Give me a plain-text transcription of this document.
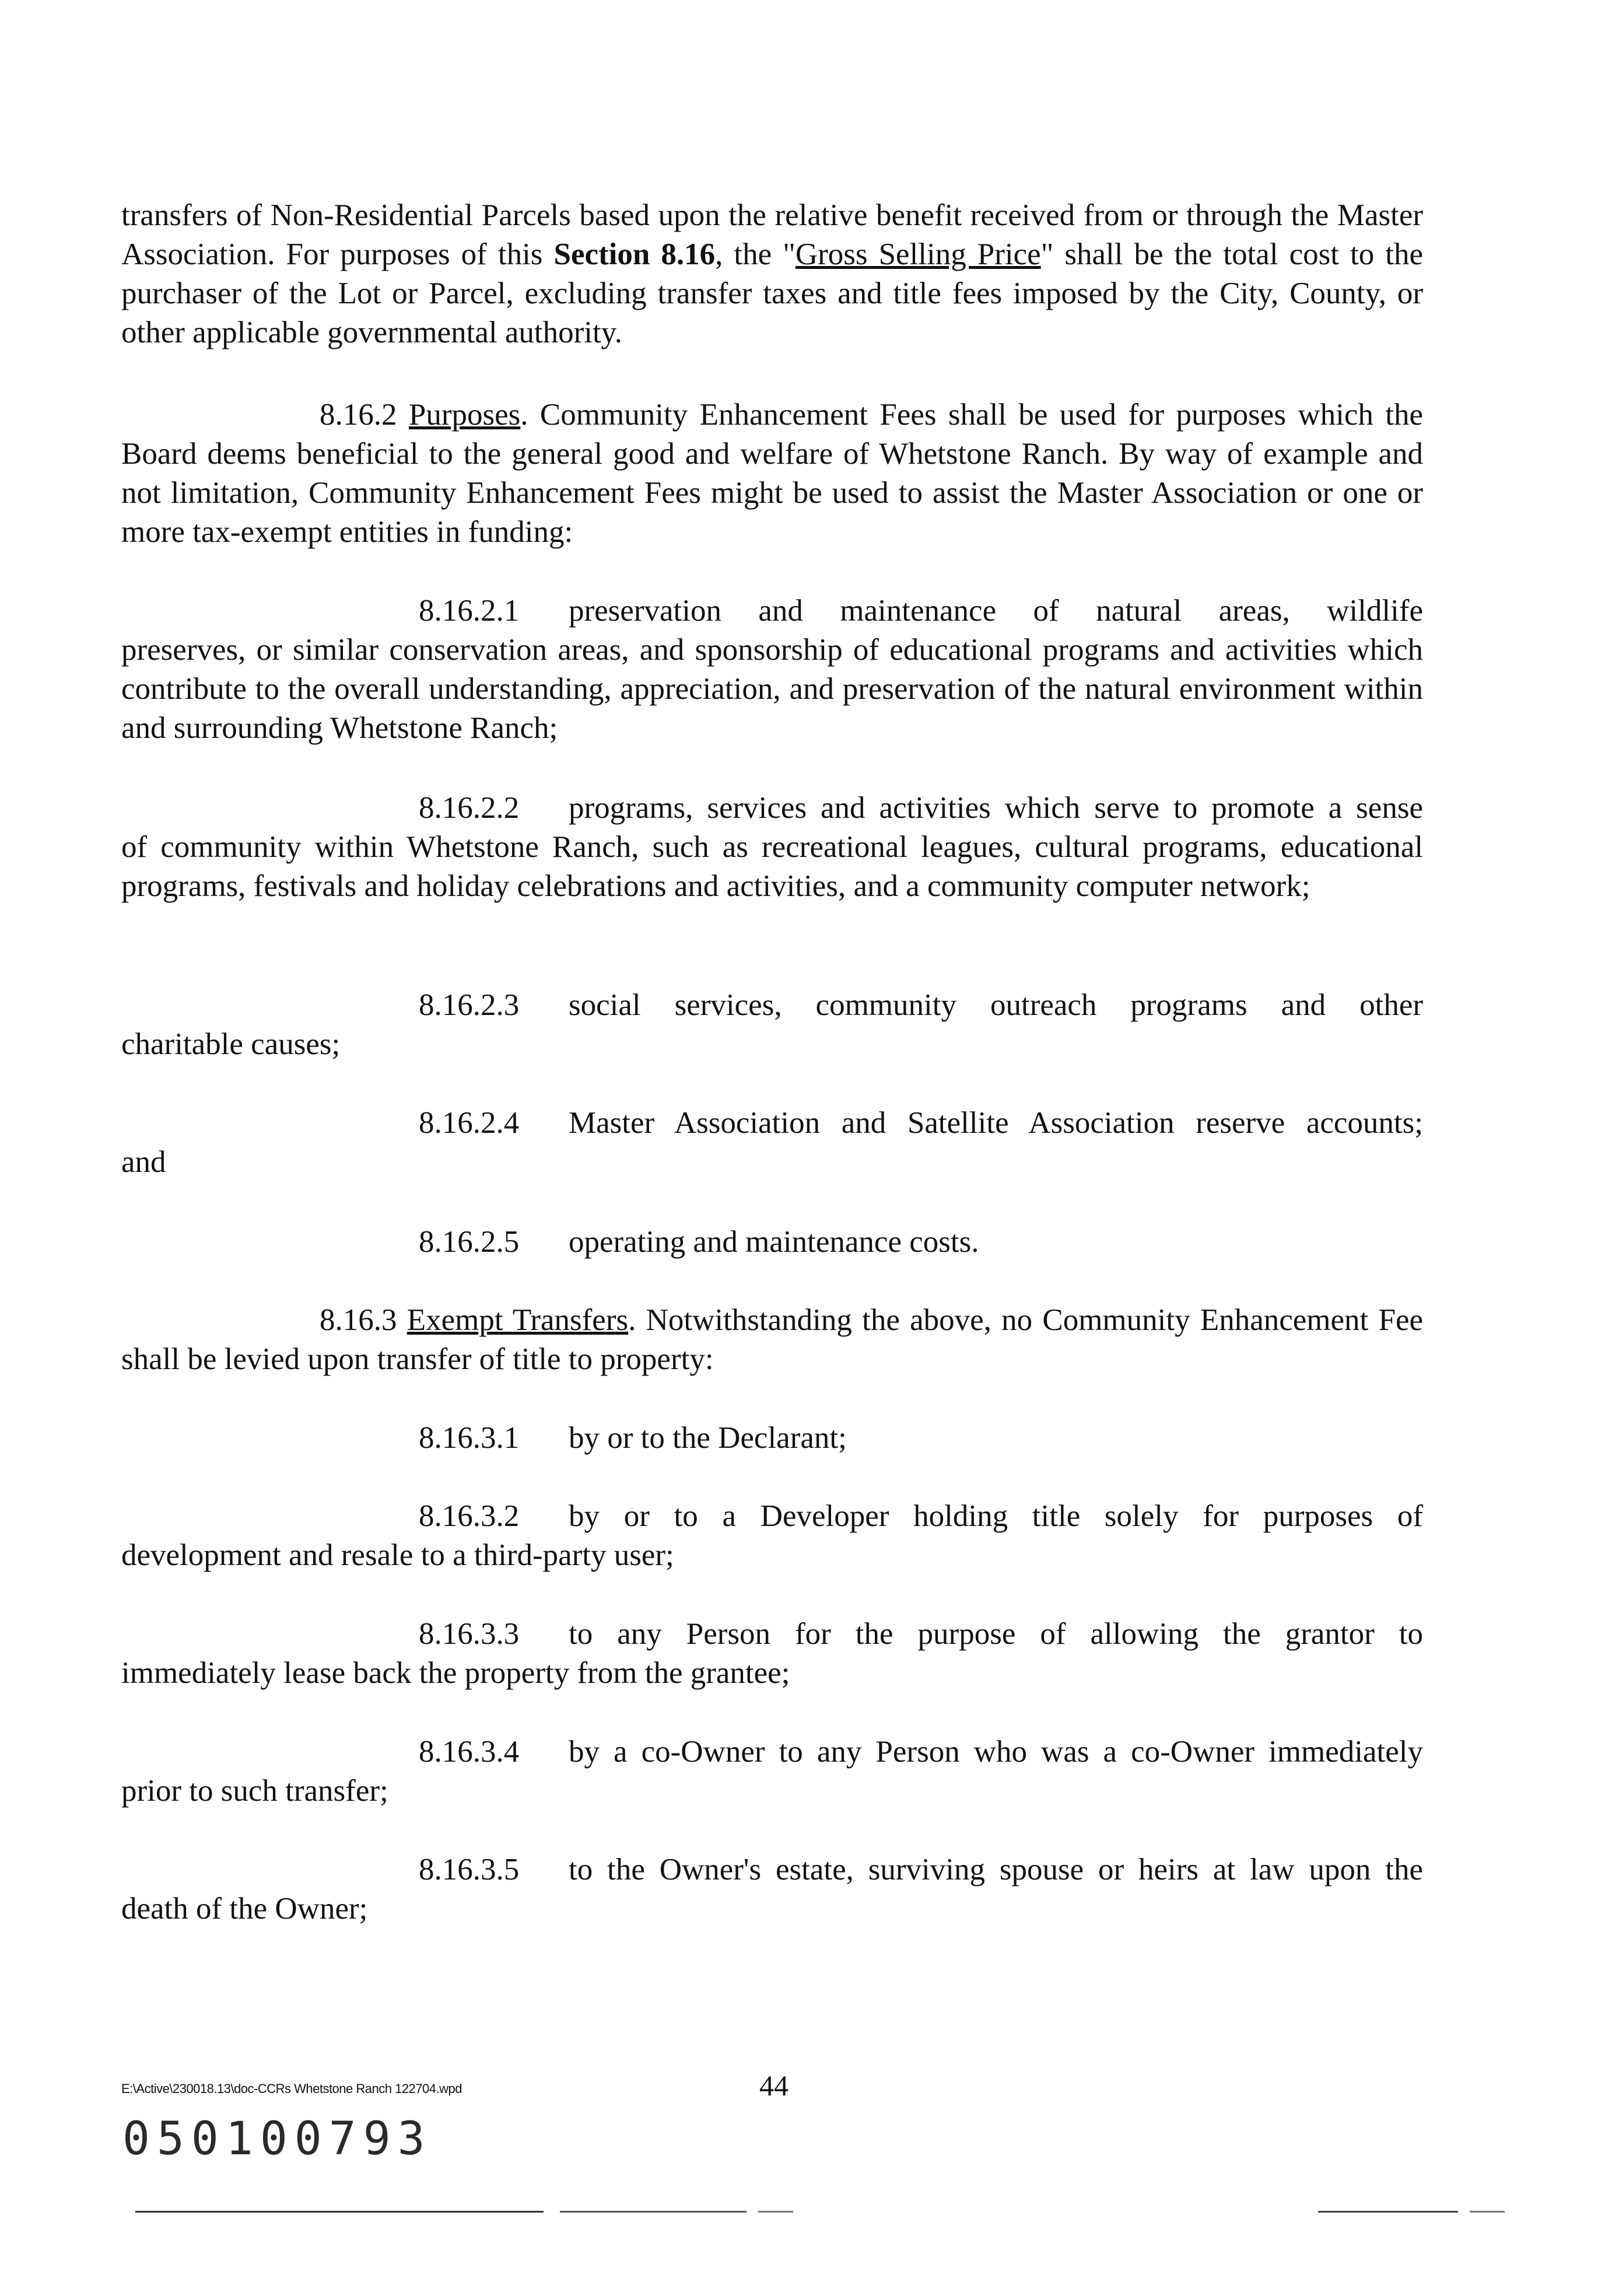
transfers of Non-Residential Parcels based upon the relative benefit received from or through the Master Association. For purposes of this Section 8.16, the "Gross Selling Price" shall be the total cost to the purchaser of the Lot or Parcel, excluding transfer taxes and title fees imposed by the City, County, or other applicable governmental authority.
8.16.2 Purposes. Community Enhancement Fees shall be used for purposes which the Board deems beneficial to the general good and welfare of Whetstone Ranch. By way of example and not limitation, Community Enhancement Fees might be used to assist the Master Association or one or more tax-exempt entities in funding:
8.16.2.1 preservation and maintenance of natural areas, wildlife
preserves, or similar conservation areas, and sponsorship of educational programs and activities which contribute to the overall understanding, appreciation, and preservation of the natural environment within and surrounding Whetstone Ranch;
8.16.2.2 programs, services and activities which serve to promote a sense
of community within Whetstone Ranch, such as recreational leagues, cultural programs, educational programs, festivals and holiday celebrations and activities, and a community computer network;
8.16.2.3 social services, community outreach programs and other
charitable causes;
8.16.2.4 Master Association and Satellite Association reserve accounts;
and
8.16.2.5 operating and maintenance costs.
8.16.3 Exempt Transfers. Notwithstanding the above, no Community Enhancement Fee shall be levied upon transfer of title to property:
8.16.3.1 by or to the Declarant;
8.16.3.2 by or to a Developer holding title solely for purposes of
development and resale to a third-party user;
8.16.3.3 to any Person for the purpose of allowing the grantor to
immediately lease back the property from the grantee;
8.16.3.4 by a co-Owner to any Person who was a co-Owner immediately
prior to such transfer;
8.16.3.5 to the Owner's estate, surviving spouse or heirs at law upon the
death of the Owner;
E:\Active\230018.13\doc-CCRs Whetstone Ranch 122704.wpd	44
050100793
